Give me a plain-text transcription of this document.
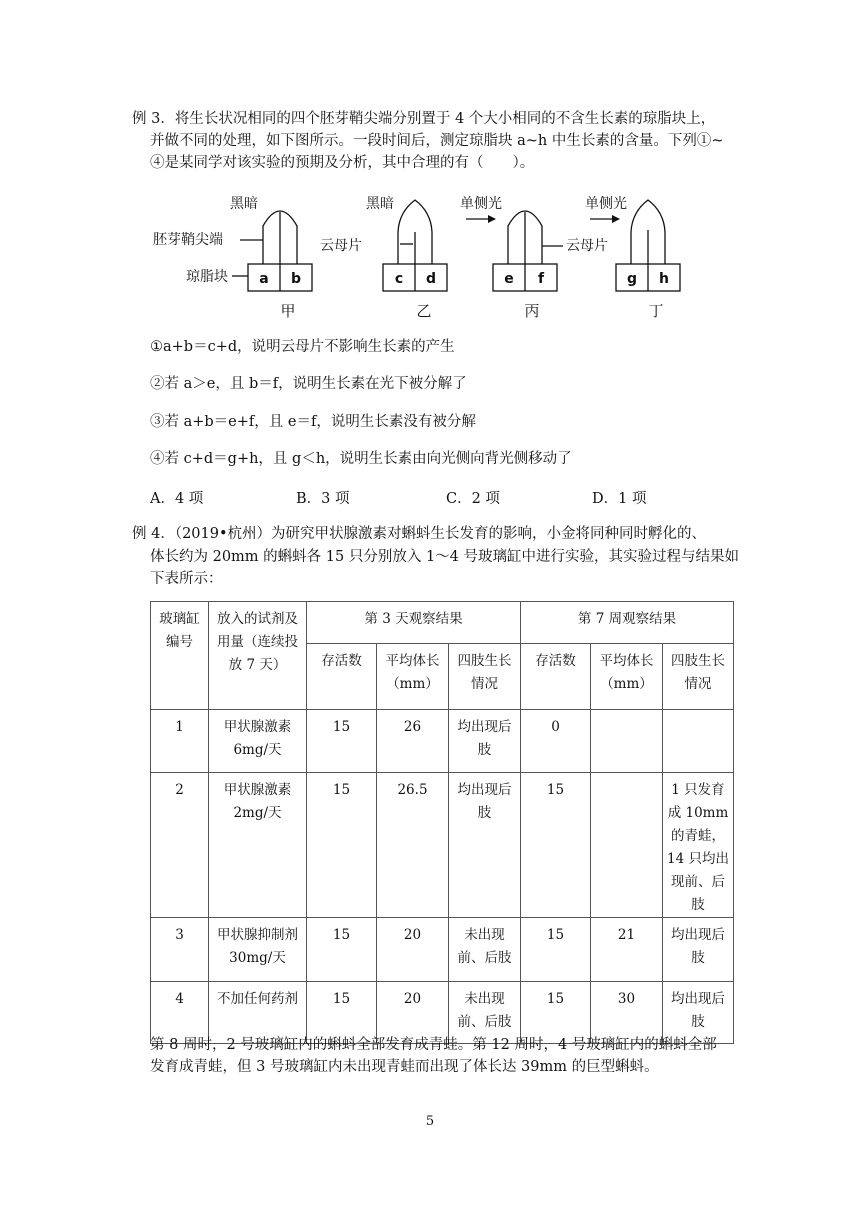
例 3．将生长状况相同的四个胚芽鞘尖端分别置于 4 个大小相同的不含生长素的琼脂块上，
并做不同的处理，如下图所示。一段时间后，测定琼脂块 a~h 中生长素的含量。下列①~
④是某同学对该实验的预期及分析，其中合理的有（　　）。
黑暗	黑暗	单侧光	单侧光
胚芽鞘尖端	云母片	云母片
琼脂块 a b	c d	e f	g h
甲	乙	丙	丁
①a+b＝c+d，说明云母片不影响生长素的产生
②若 a＞e，且 b＝f，说明生长素在光下被分解了
③若 a+b＝e+f，且 e＝f，说明生长素没有被分解
④若 c+d＝g+h，且 g＜h，说明生长素由向光侧向背光侧移动了
A．4 项	B．3 项	C．2 项	D．1 项
例 4．（2019•杭州）为研究甲状腺激素对蝌蚪生长发育的影响，小金将同种同时孵化的、
体长约为 20mm 的蝌蚪各 15 只分别放入 1～4 号玻璃缸中进行实验，其实验过程与结果如
下表所示：
玻璃缸编号	放入的试剂及用量（连续投放 7 天）	第 3 天观察结果			第 7 周观察结果		
		存活数	平均体长（mm）	四肢生长情况	存活数	平均体长（mm）	四肢生长情况
1	甲状腺激素6mg/天	15	26	均出现后肢	0		
2	甲状腺激素2mg/天	15	26.5	均出现后肢	15		1 只发育成 10mm 的青蛙，14 只均出现前、后肢
3	甲状腺抑制剂 30mg/天	15	20	未出现前、后肢	15	21	均出现后肢
4	不加任何药剂	15	20	未出现前、后肢	15	30	均出现后肢
第 8 周时，2 号玻璃缸内的蝌蚪全部发育成青蛙。第 12 周时，4 号玻璃缸内的蝌蚪全部
发育成青蛙，但 3 号玻璃缸内未出现青蛙而出现了体长达 39mm 的巨型蝌蚪。
5
